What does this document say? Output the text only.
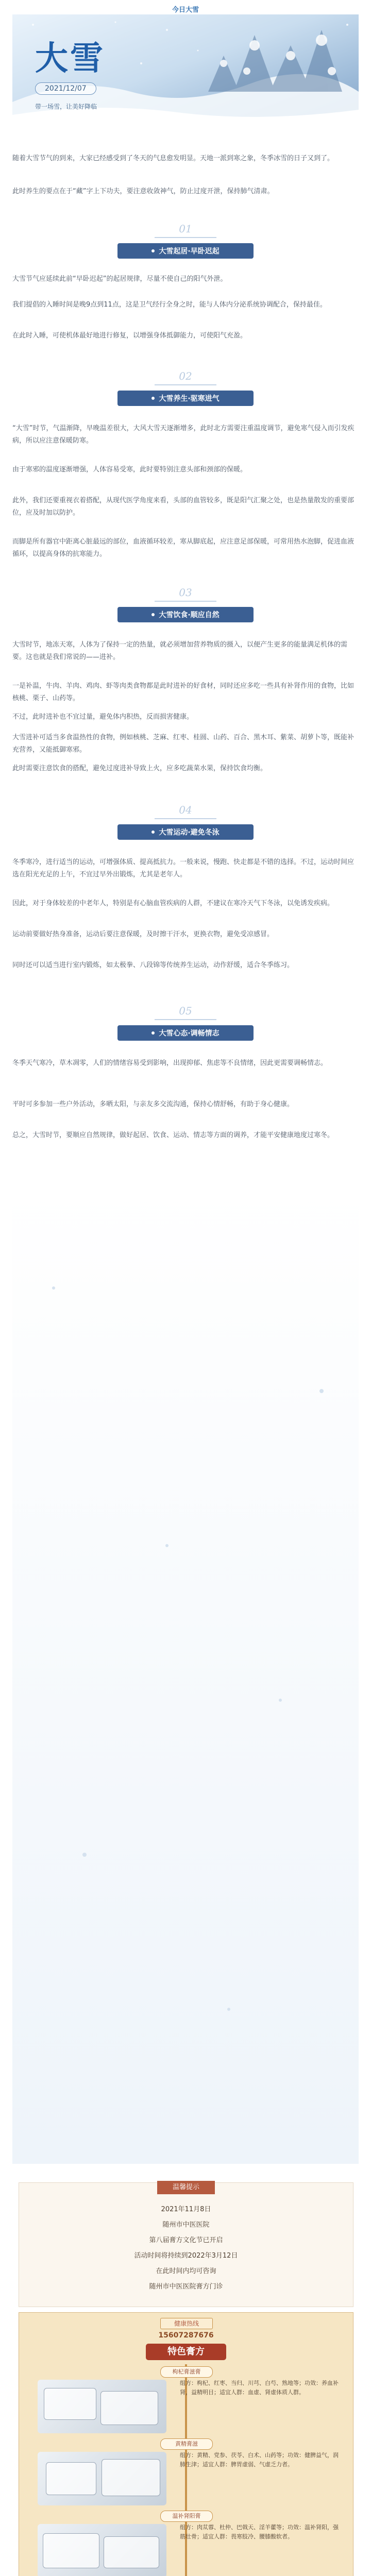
今日大雪
大雪
2021/12/07
带一场雪，让美好降临

随着大雪节气的到来，大家已经感受到了冬天的气息愈发明显。天地一派到寒之象，冬季冰雪的日子又到了。

此时养生的要点在于“藏”字上下功夫，要注意收敛神气，防止过度开泄，保持肺气清肃。

01
大雪起居·早卧迟起

大雪节气应延续此前“早卧迟起”的起居规律，尽量不使自己的阳气外泄。

我们提倡的入睡时间是晚9点到11点，这是卫气经行全身之时，能与人体内分泌系统协调配合，保持最佳。

在此时入睡，可使机体最好地进行修复，以增强身体抵御能力，可使阳气充盈。

02
大雪养生·驱寒进气

“大雪”时节，气温渐降，早晚温差很大，大风大雪天逐渐增多，此时北方需要注重温度调节，避免寒气侵入而引发疾病，所以应注意保暖防寒。

由于寒邪的温度逐渐增强，人体容易受寒，此时要特别注意头部和颈部的保暖。

此外，我们还要重视衣着搭配，从现代医学角度来看，头部的血管较多，既是阳气汇聚之处，也是热量散发的重要部位，应及时加以防护。

而脚是所有器官中距离心脏最远的部位，血液循环较差，寒从脚底起，应注意足部保暖，可常用热水泡脚，促进血液循环，以提高身体的抗寒能力。

03
大雪饮食·顺应自然

大雪时节，地冻天寒，人体为了保持一定的热量，就必须增加营养物质的摄入，以便产生更多的能量满足机体的需要。这也就是我们常说的——进补。

一是补温，牛肉、羊肉、鸡肉、虾等肉类食物都是此时进补的好食材，同时还应多吃一些具有补肾作用的食物，比如核桃、栗子、山药等。

不过，此时进补也不宜过量，避免体内积热，反而损害健康。

大雪进补可适当多食温热性的食物，例如核桃、芝麻、红枣、桂圆、山药、百合、黑木耳、紫菜、胡萝卜等，既能补充营养，又能抵御寒邪。

此时需要注意饮食的搭配，避免过度进补导致上火，应多吃蔬菜水果，保持饮食均衡。

04
大雪运动·避免冬泳

冬季寒冷，进行适当的运动，可增强体质、提高抵抗力。一般来说，慢跑、快走都是不错的选择。不过，运动时间应选在阳光充足的上午，不宜过早外出锻炼，尤其是老年人。

因此，对于身体较差的中老年人，特别是有心脑血管疾病的人群，不建议在寒冷天气下冬泳，以免诱发疾病。

运动前要做好热身准备，运动后要注意保暖，及时擦干汗水，更换衣物，避免受凉感冒。

同时还可以适当进行室内锻炼，如太极拳、八段锦等传统养生运动，动作舒缓，适合冬季练习。

05
大雪心态·调畅情志

冬季天气寒冷，草木凋零，人们的情绪容易受到影响，出现抑郁、焦虑等不良情绪，因此更需要调畅情志。

平时可多参加一些户外活动，多晒太阳，与亲友多交流沟通，保持心情舒畅，有助于身心健康。

总之，大雪时节，要顺应自然规律，做好起居、饮食、运动、情志等方面的调养，才能平安健康地度过寒冬。

温馨提示
2021年11月8日
随州市中医医院
第八届膏方文化节已开启
活动时间将持续到2022年3月12日
在此时间内均可咨询
随州市中医医院膏方门诊
健康热线
15607287676
特色膏方
枸杞膏滋膏
组方：枸杞、红枣、当归、川芎、白芍、熟地等；功效：养血补肾，益精明目；适宜人群：血虚、肾虚体质人群。
黄精膏滋
组方：黄精、党参、茯苓、白术、山药等；功效：健脾益气，润肺生津；适宜人群：脾胃虚弱、气虚乏力者。
温补肾阳膏
组方：肉苁蓉、杜仲、巴戟天、淫羊藿等；功效：温补肾阳，强筋壮骨；适宜人群：畏寒肢冷、腰膝酸软者。
